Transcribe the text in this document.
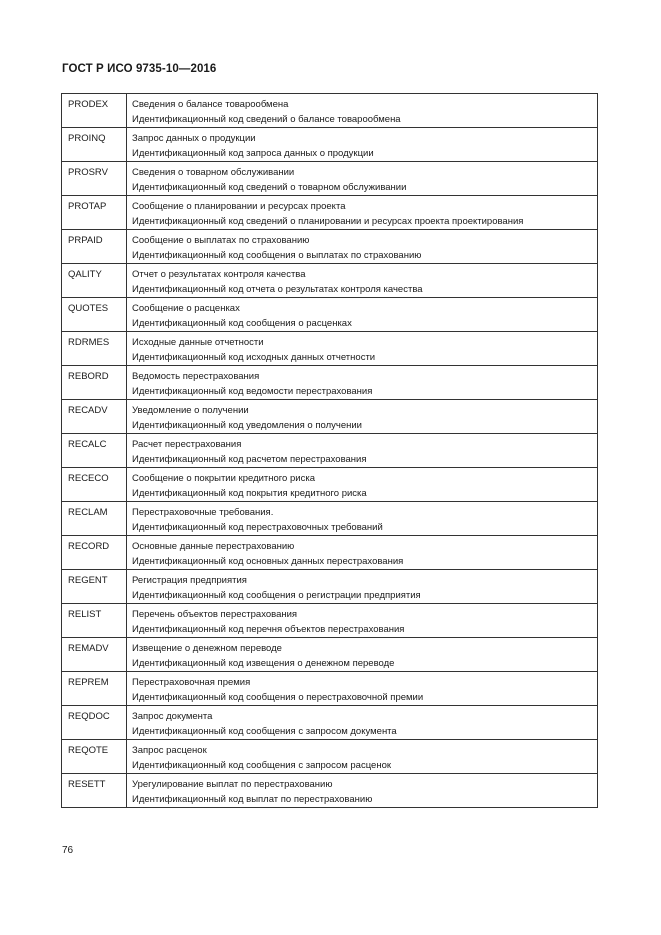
ГОСТ Р ИСО 9735-10—2016
PRODEX	Сведения о балансе товарообмена
Идентификационный код сведений о балансе товарообмена

PROINQ	Запрос данных о продукции
Идентификационный код запроса данных о продукции

PROSRV	Сведения о товарном обслуживании
Идентификационный код сведений о товарном обслуживании

PROTAP	Сообщение о планировании и ресурсах проекта
Идентификационный код сведений о планировании и ресурсах проекта проектирования

PRPAID	Сообщение о выплатах по страхованию
Идентификационный код сообщения о выплатах по страхованию

QALITY	Отчет о результатах контроля качества
Идентификационный код отчета о результатах контроля качества

QUOTES	Сообщение о расценках
Идентификационный код сообщения о расценках

RDRMES	Исходные данные отчетности
Идентификационный код исходных данных отчетности

REBORD	Ведомость перестрахования
Идентификационный код ведомости перестрахования

RECADV	Уведомление о получении
Идентификационный код уведомления о получении

RECALC	Расчет перестрахования
Идентификационный код расчетом перестрахования

RECECO	Сообщение о покрытии кредитного риска
Идентификационный код покрытия кредитного риска

RECLAM	Перестраховочные требования.
Идентификационный код перестраховочных требований

RECORD	Основные данные перестрахованию
Идентификационный код основных данных перестрахования

REGENT	Регистрация предприятия
Идентификационный код сообщения о регистрации предприятия

RELIST	Перечень объектов перестрахования
Идентификационный код перечня объектов перестрахования

REMADV	Извещение о денежном переводе
Идентификационный код извещения о денежном переводе

REPREM	Перестраховочная премия
Идентификационный код сообщения о перестраховочной премии

REQDOC	Запрос документа
Идентификационный код сообщения с запросом документа

REQOTE	Запрос расценок
Идентификационный код сообщения с запросом расценок

RESETT	Урегулирование выплат по перестрахованию
Идентификационный код выплат по перестрахованию
76
